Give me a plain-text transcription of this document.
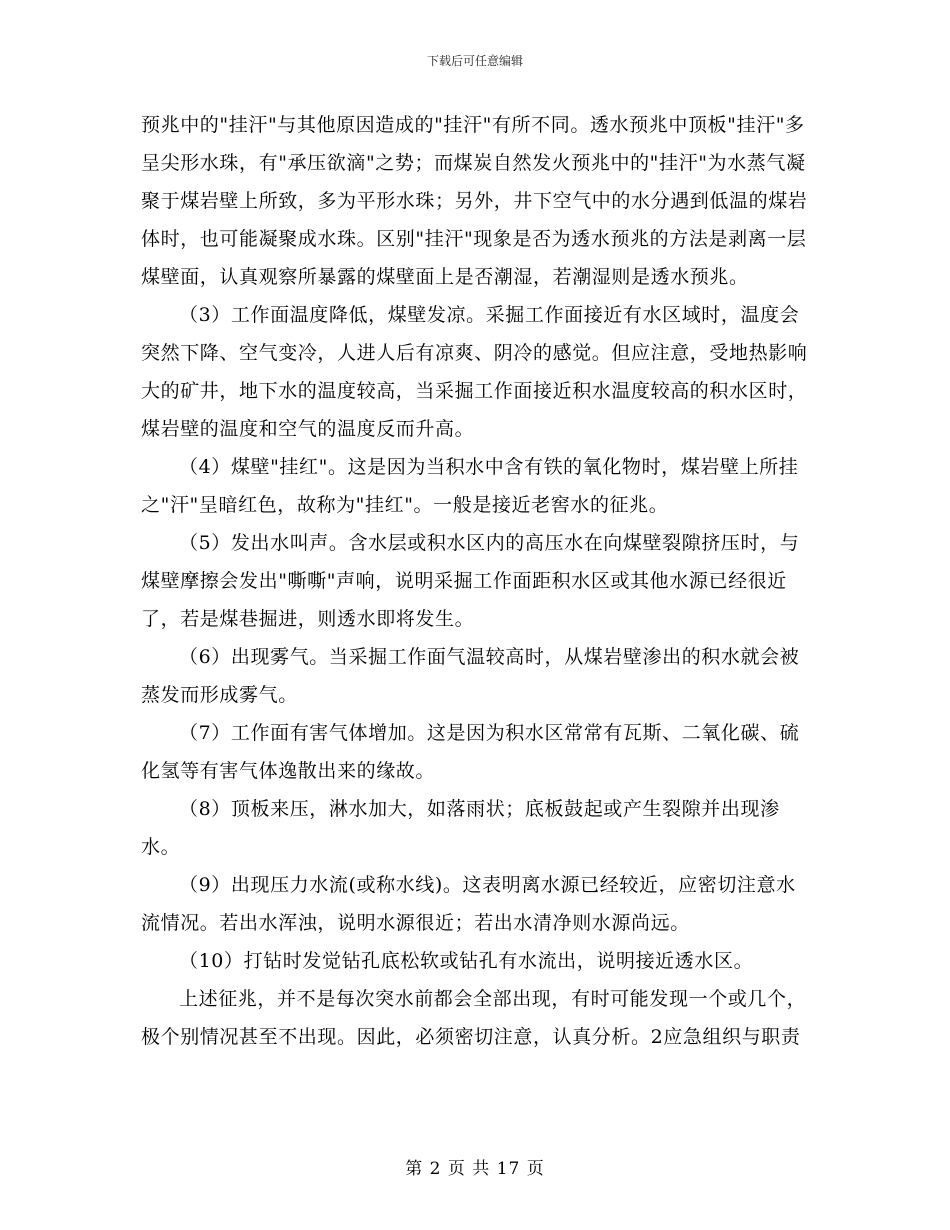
下载后可任意编辑

预兆中的"挂汗"与其他原因造成的"挂汗"有所不同。透水预兆中顶板"挂汗"多呈尖形水珠，有"承压欲滴"之势；而煤炭自然发火预兆中的"挂汗"为水蒸气凝聚于煤岩壁上所致，多为平形水珠；另外，井下空气中的水分遇到低温的煤岩体时，也可能凝聚成水珠。区别"挂汗"现象是否为透水预兆的方法是剥离一层煤壁面，认真观察所暴露的煤壁面上是否潮湿，若潮湿则是透水预兆。

（3）工作面温度降低，煤壁发凉。采掘工作面接近有水区域时，温度会突然下降、空气变冷，人进人后有凉爽、阴冷的感觉。但应注意，受地热影响大的矿井，地下水的温度较高，当采掘工作面接近积水温度较高的积水区时，煤岩壁的温度和空气的温度反而升高。

（4）煤壁"挂红"。这是因为当积水中含有铁的氧化物时，煤岩壁上所挂之"汗"呈暗红色，故称为"挂红"。一般是接近老窖水的征兆。

（5）发出水叫声。含水层或积水区内的高压水在向煤壁裂隙挤压时，与煤壁摩擦会发出"嘶嘶"声响，说明采掘工作面距积水区或其他水源已经很近了，若是煤巷掘进，则透水即将发生。

（6）出现雾气。当采掘工作面气温较高时，从煤岩壁渗出的积水就会被蒸发而形成雾气。

（7）工作面有害气体增加。这是因为积水区常常有瓦斯、二氧化碳、硫化氢等有害气体逸散出来的缘故。

（8）顶板来压，淋水加大，如落雨状；底板鼓起或产生裂隙并出现渗水。

（9）出现压力水流(或称水线)。这表明离水源已经较近，应密切注意水流情况。若出水浑浊，说明水源很近；若出水清净则水源尚远。

（10）打钻时发觉钻孔底松软或钻孔有水流出，说明接近透水区。

上述征兆，并不是每次突水前都会全部出现，有时可能发现一个或几个，极个别情况甚至不出现。因此，必须密切注意，认真分析。2应急组织与职责

第 2 页 共 17 页
